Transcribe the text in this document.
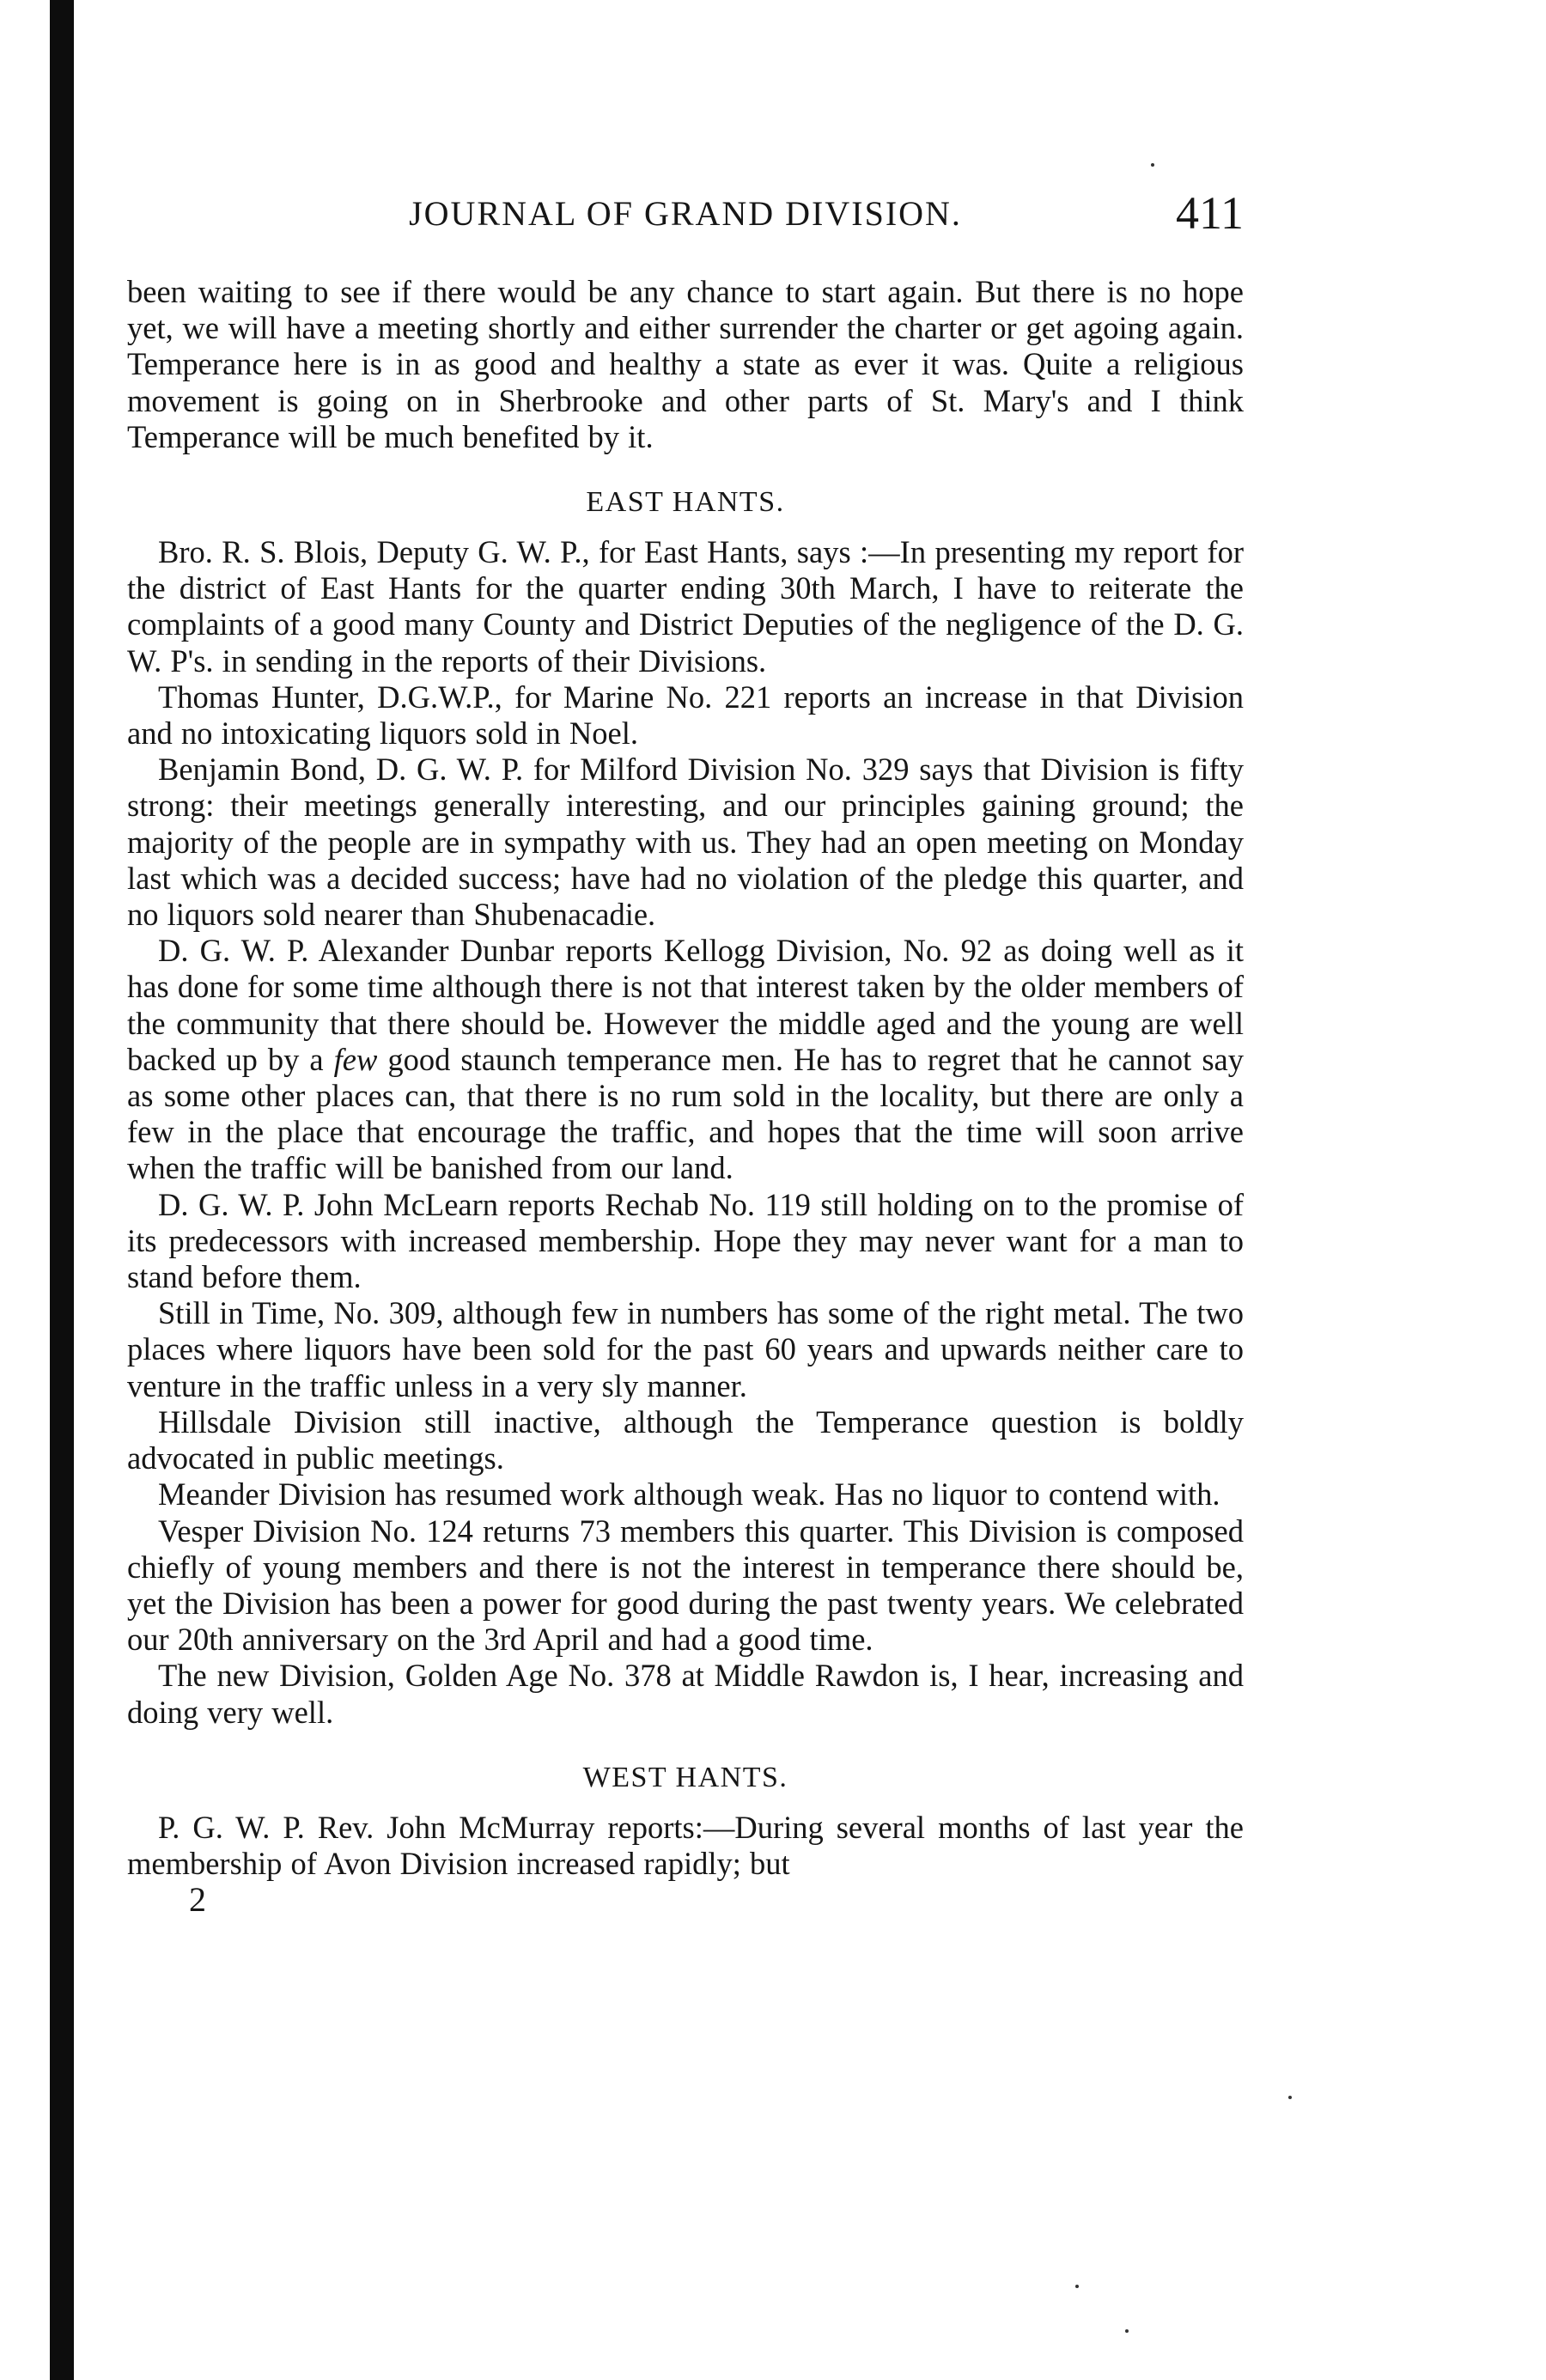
JOURNAL OF GRAND DIVISION.	411

been waiting to see if there would be any chance to start again. But there is no hope yet, we will have a meeting shortly and either surrender the charter or get agoing again. Temperance here is in as good and healthy a state as ever it was. Quite a religious movement is going on in Sherbrooke and other parts of St. Mary's and I think Temperance will be much benefited by it.

EAST HANTS.

Bro. R. S. Blois, Deputy G. W. P., for East Hants, says :—In presenting my report for the district of East Hants for the quarter ending 30th March, I have to reiterate the complaints of a good many County and District Deputies of the negligence of the D. G. W. P's. in sending in the reports of their Divisions.

Thomas Hunter, D.G.W.P., for Marine No. 221 reports an increase in that Division and no intoxicating liquors sold in Noel.

Benjamin Bond, D. G. W. P. for Milford Division No. 329 says that Division is fifty strong: their meetings generally interesting, and our principles gaining ground; the majority of the people are in sympathy with us. They had an open meeting on Monday last which was a decided success; have had no violation of the pledge this quarter, and no liquors sold nearer than Shubenacadie.

D. G. W. P. Alexander Dunbar reports Kellogg Division, No. 92 as doing well as it has done for some time although there is not that interest taken by the older members of the community that there should be. However the middle aged and the young are well backed up by a few good staunch temperance men. He has to regret that he cannot say as some other places can, that there is no rum sold in the locality, but there are only a few in the place that encourage the traffic, and hopes that the time will soon arrive when the traffic will be banished from our land.

D. G. W. P. John McLearn reports Rechab No. 119 still holding on to the promise of its predecessors with increased membership. Hope they may never want for a man to stand before them.

Still in Time, No. 309, although few in numbers has some of the right metal. The two places where liquors have been sold for the past 60 years and upwards neither care to venture in the traffic unless in a very sly manner.

Hillsdale Division still inactive, although the Temperance question is boldly advocated in public meetings.

Meander Division has resumed work although weak. Has no liquor to contend with.

Vesper Division No. 124 returns 73 members this quarter. This Division is composed chiefly of young members and there is not the interest in temperance there should be, yet the Division has been a power for good during the past twenty years. We celebrated our 20th anniversary on the 3rd April and had a good time.

The new Division, Golden Age No. 378 at Middle Rawdon is, I hear, increasing and doing very well.

WEST HANTS.

P. G. W. P. Rev. John McMurray reports:—During several months of last year the membership of Avon Division increased rapidly; but

2
